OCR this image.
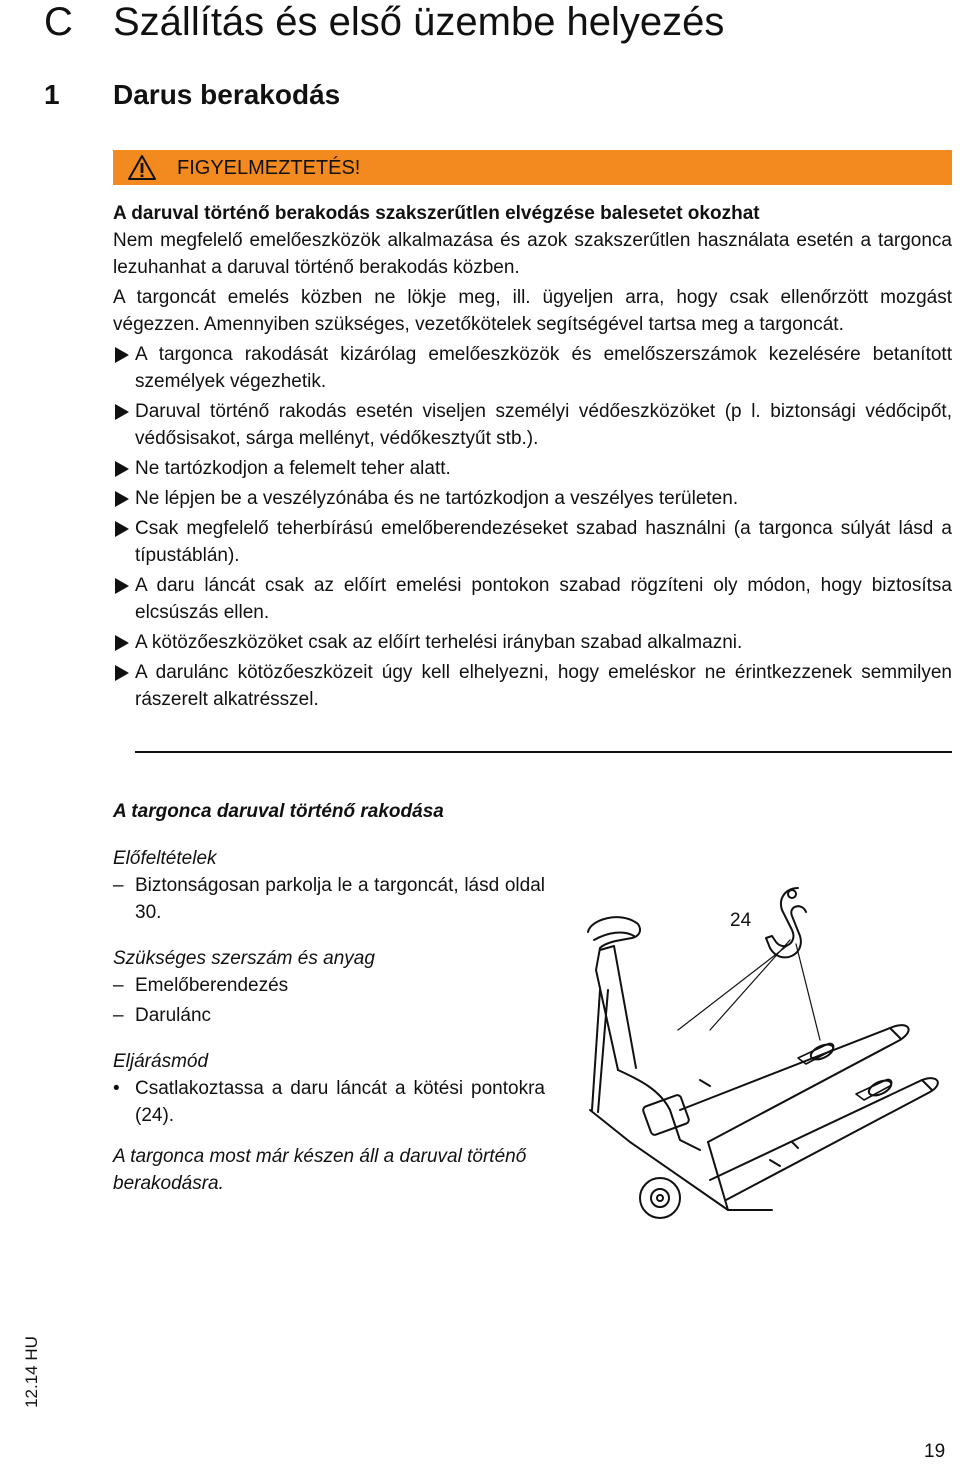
C Szállítás és első üzembe helyezés
1 Darus berakodás
FIGYELMEZTETÉS!

A daruval történő berakodás szakszerűtlen elvégzése balesetet okozhat

Nem megfelelő emelőeszközök alkalmazása és azok szakszerűtlen használata esetén a targonca lezuhanhat a daruval történő berakodás közben.

A targoncát emelés közben ne lökje meg, ill. ügyeljen arra, hogy csak ellenőrzött mozgást végezzen. Amennyiben szükséges, vezetőkötelek segítségével tartsa meg a targoncát.

A targonca rakodását kizárólag emelőeszközök és emelőszerszámok kezelésére betanított személyek végezhetik.
Daruval történő rakodás esetén viseljen személyi védőeszközöket (p l. biztonsági védőcipőt, védősisakot, sárga mellényt, védőkesztyűt stb.).
Ne tartózkodjon a felemelt teher alatt.
Ne lépjen be a veszélyzónába és ne tartózkodjon a veszélyes területen.
Csak megfelelő teherbírású emelőberendezéseket szabad használni (a targonca súlyát lásd a típustáblán).
A daru láncát csak az előírt emelési pontokon szabad rögzíteni oly módon, hogy biztosítsa elcsúszás ellen.
A kötözőeszközöket csak az előírt terhelési irányban szabad alkalmazni.
A darulánc kötözőeszközeit úgy kell elhelyezni, hogy emeléskor ne érintkezzenek semmilyen rászerelt alkatrésszel.

A targonca daruval történő rakodása

Előfeltételek

– Biztonságosan parkolja le a targoncát, lásd oldal 30.

Szükséges szerszám és anyag

– Emelőberendezés
– Darulánc

Eljárásmód

• Csatlakoztassa a daru láncát a kötési pontokra (24).

A targonca most már készen áll a daruval történő berakodásra.

24
12.14 HU
19
